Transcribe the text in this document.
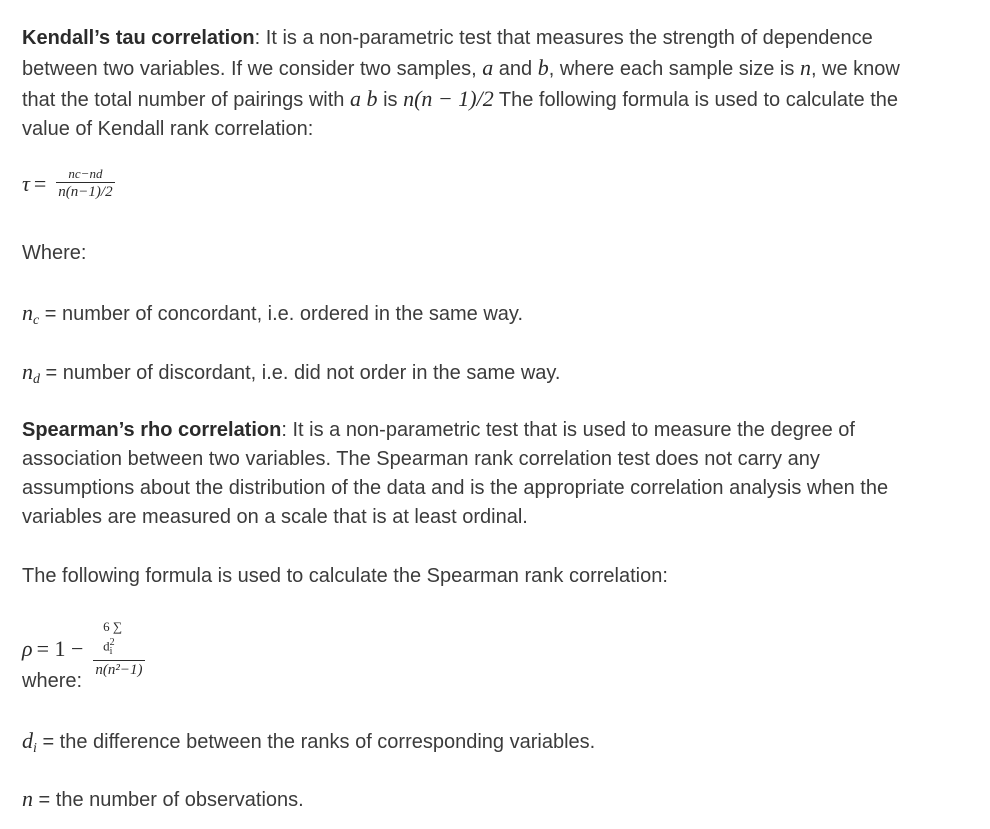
Kendall’s tau correlation: It is a non-parametric test that measures the strength of dependence between two variables. If we consider two samples, a and b, where each sample size is n, we know that the total number of pairings with a b is n(n − 1)/2 The following formula is used to calculate the value of Kendall rank correlation:

$\tau = \frac{nc-nd}{n(n-1)/2}$

Where:

$n_c$ = number of concordant, i.e. ordered in the same way.

$n_d$ = number of discordant, i.e. did not order in the same way.

Spearman’s rho correlation: It is a non-parametric test that is used to measure the degree of association between two variables. The Spearman rank correlation test does not carry any assumptions about the distribution of the data and is the appropriate correlation analysis when the variables are measured on a scale that is at least ordinal.

The following formula is used to calculate the Spearman rank correlation:

$\rho = 1 - \frac{6 \sum d^2_i}{\text{n(n²−1)}}$

where:

$d_i$ = the difference between the ranks of corresponding variables.

n = the number of observations.
